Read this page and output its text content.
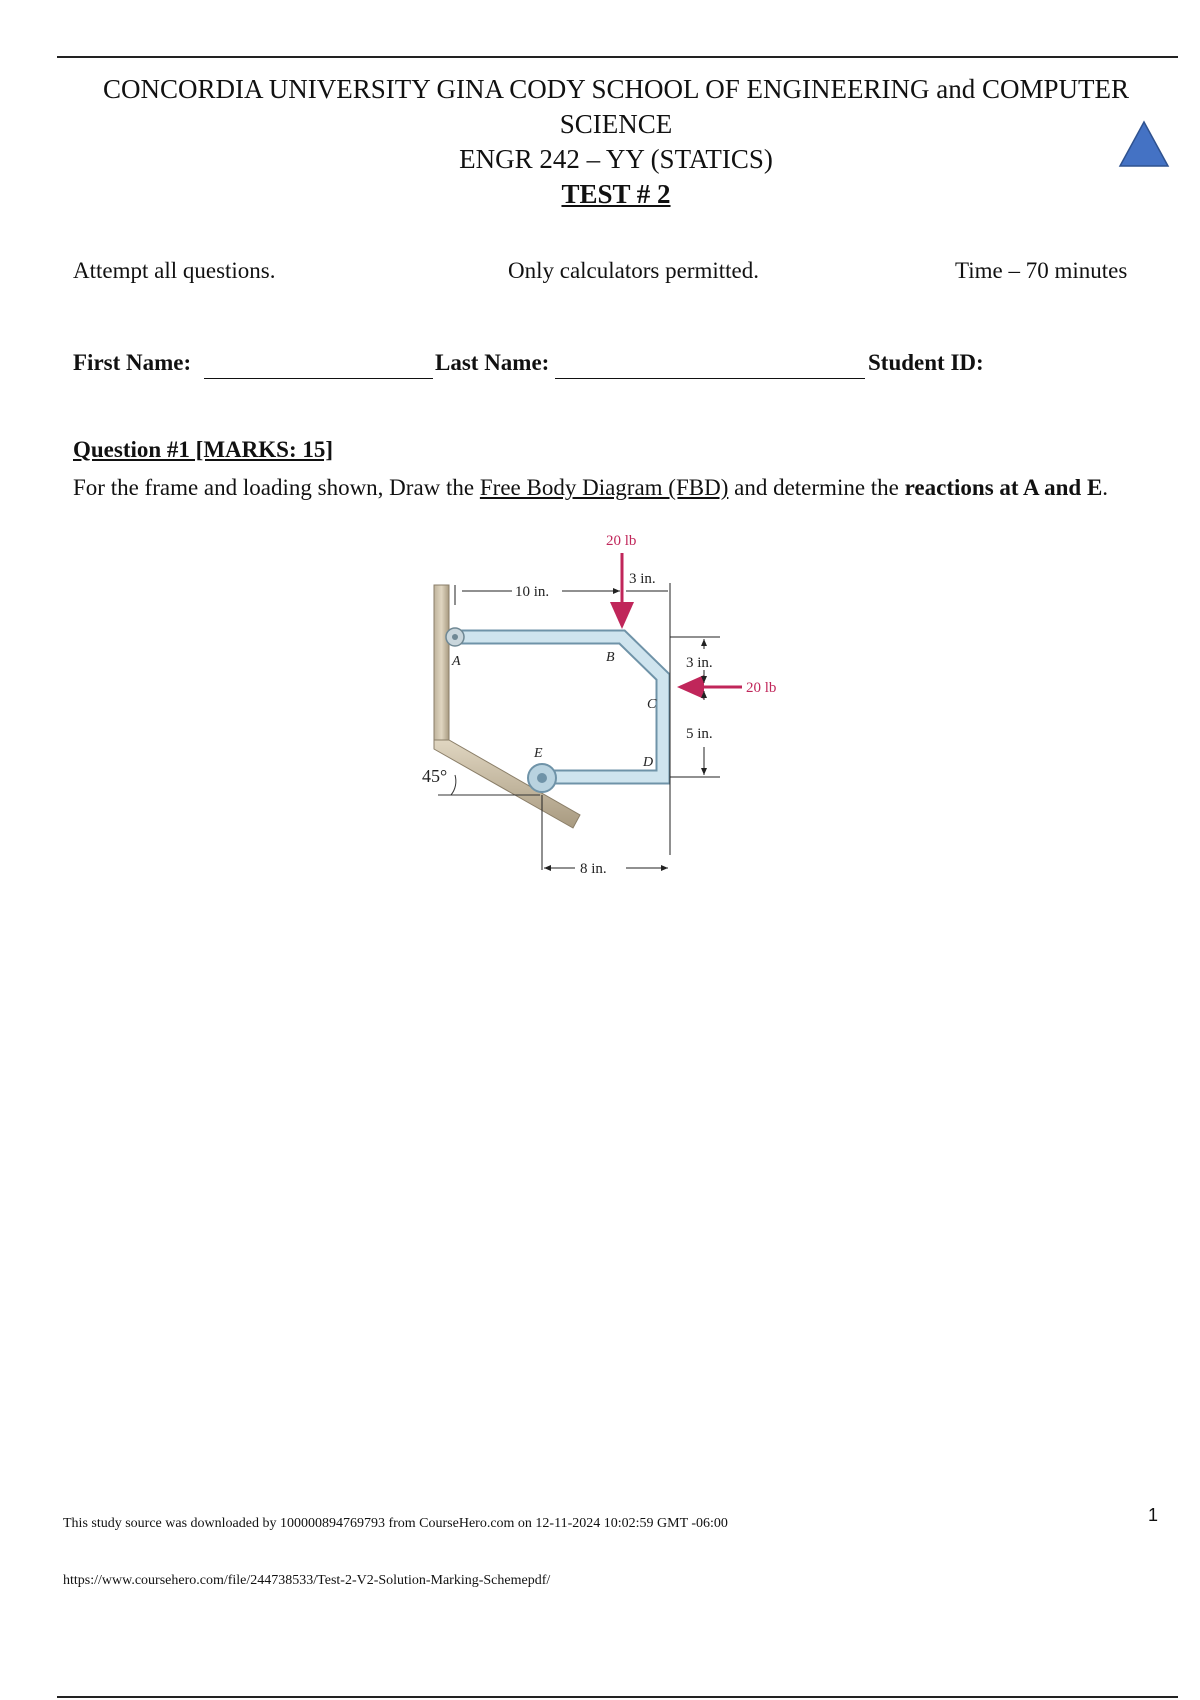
CONCORDIA UNIVERSITY GINA CODY SCHOOL OF ENGINEERING and COMPUTER
SCIENCE
ENGR 242 – YY (STATICS)
TEST # 2
Attempt all questions.	Only calculators permitted.	Time – 70 minutes
First Name:	Last Name:	Student ID:
Question #1 [MARKS: 15]
For the frame and loading shown, Draw the Free Body Diagram (FBD) and determine the reactions at A and E.
45°
A	B
C
D
E
20 lb
20 lb
10 in.
3 in.
3 in.
5 in.
8 in.
This study source was downloaded by 100000894769793 from CourseHero.com on 12-11-2024 10:02:59 GMT -06:00	1
https://www.coursehero.com/file/244738533/Test-2-V2-Solution-Marking-Schemepdf/
